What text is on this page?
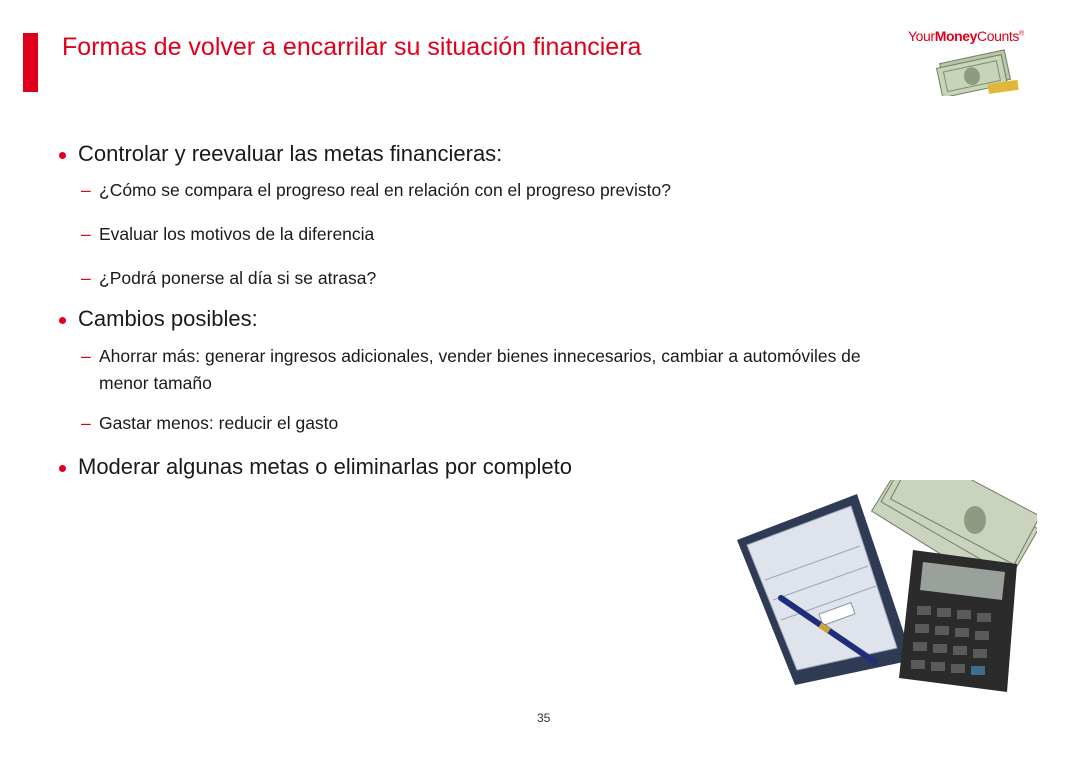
Formas de volver a encarrilar su situación financiera	YourMoneyCounts®
Controlar y reevaluar las metas financieras:
– ¿Cómo se compara el progreso real en relación con el progreso previsto?
– Evaluar los motivos de la diferencia
– ¿Podrá ponerse al día si se atrasa?
Cambios posibles:
– Ahorrar más: generar ingresos adicionales, vender bienes innecesarios, cambiar a automóviles de menor tamaño
– Gastar menos: reducir el gasto
Moderar algunas metas o eliminarlas por completo
35
